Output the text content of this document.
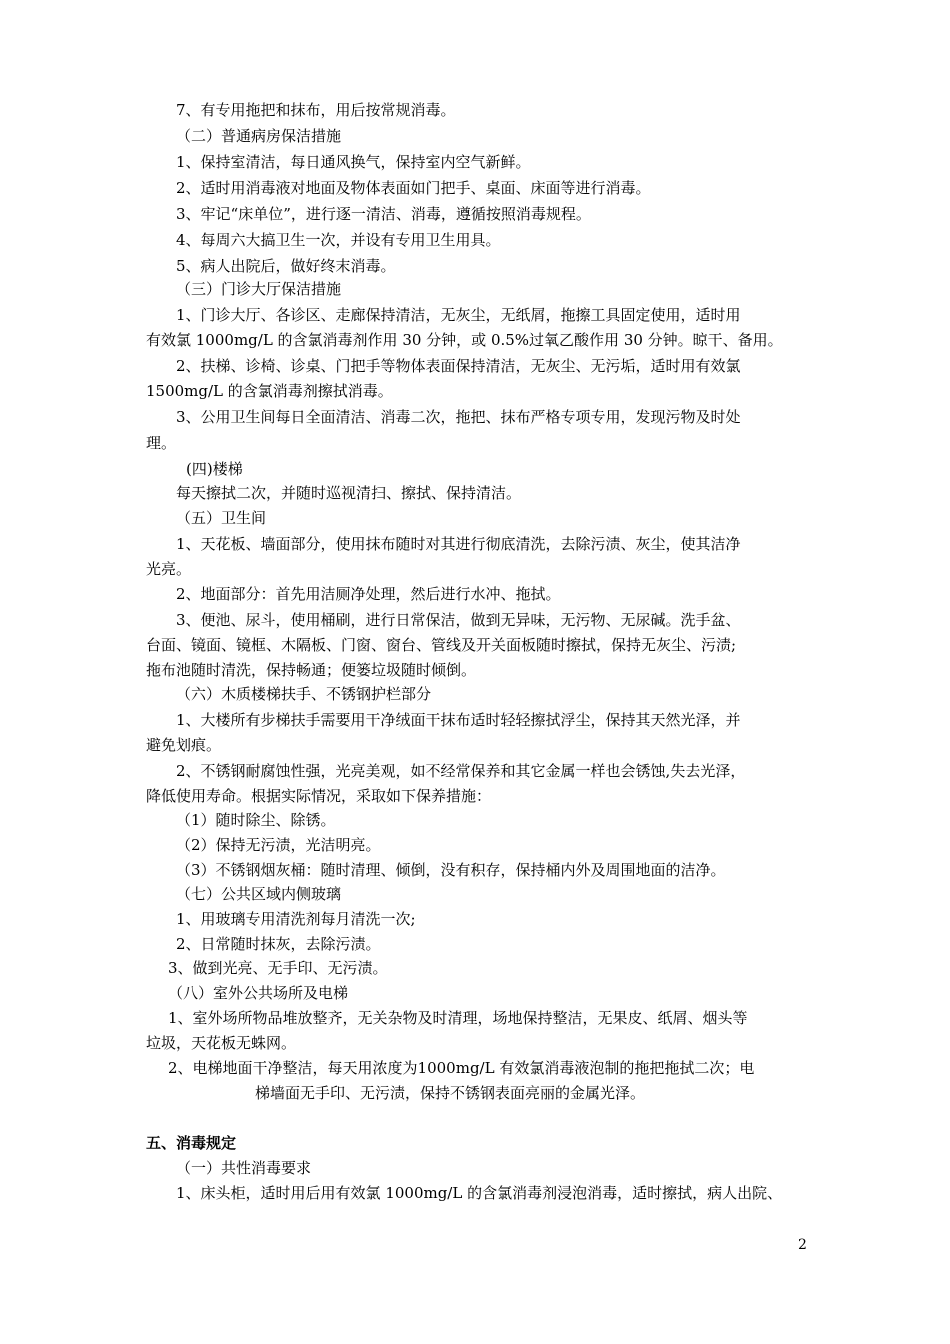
7、有专用拖把和抹布，用后按常规消毒。
（二）普通病房保洁措施
1、保持室清洁，每日通风换气，保持室内空气新鲜。
2、适时用消毒液对地面及物体表面如门把手、桌面、床面等进行消毒。
3、牢记“床单位”，进行逐一清洁、消毒，遵循按照消毒规程。
4、每周六大搞卫生一次，并设有专用卫生用具。
5、病人出院后，做好终末消毒。
（三）门诊大厅保洁措施
1、门诊大厅、各诊区、走廊保持清洁，无灰尘，无纸屑，拖擦工具固定使用，适时用
有效氯 1000mg/L 的含氯消毒剂作用 30 分钟，或 0.5%过氧乙酸作用 30 分钟。晾干、备用。
2、扶梯、诊椅、诊桌、门把手等物体表面保持清洁，无灰尘、无污垢，适时用有效氯
1500mg/L 的含氯消毒剂擦拭消毒。
3、公用卫生间每日全面清洁、消毒二次，拖把、抹布严格专项专用，发现污物及时处
理。
(四)楼梯
每天擦拭二次，并随时巡视清扫、擦拭、保持清洁。
（五）卫生间
1、天花板、墙面部分，使用抹布随时对其进行彻底清洗，去除污渍、灰尘，使其洁净
光亮。
2、地面部分：首先用洁厕净处理，然后进行水冲、拖拭。
3、便池、尿斗，使用桶刷，进行日常保洁，做到无异味，无污物、无尿碱。洗手盆、
台面、镜面、镜框、木隔板、门窗、窗台、管线及开关面板随时擦拭，保持无灰尘、污渍;
拖布池随时清洗，保持畅通；便篓垃圾随时倾倒。
（六）木质楼梯扶手、不锈钢护栏部分
1、大楼所有步梯扶手需要用干净绒面干抹布适时轻轻擦拭浮尘，保持其天然光泽，并
避免划痕。
2、不锈钢耐腐蚀性强，光亮美观，如不经常保养和其它金属一样也会锈蚀,失去光泽，
降低使用寿命。根据实际情况，采取如下保养措施：
（1）随时除尘、除锈。
（2）保持无污渍，光洁明亮。
（3）不锈钢烟灰桶：随时清理、倾倒，没有积存，保持桶内外及周围地面的洁净。
（七）公共区域内侧玻璃
1、用玻璃专用清洗剂每月清洗一次;
2、日常随时抹灰，去除污渍。
3、做到光亮、无手印、无污渍。
（八）室外公共场所及电梯
1、室外场所物品堆放整齐，无关杂物及时清理，场地保持整洁，无果皮、纸屑、烟头等
垃圾，天花板无蛛网。
2、电梯地面干净整洁，每天用浓度为1000mg/L 有效氯消毒液泡制的拖把拖拭二次；电
梯墙面无手印、无污渍，保持不锈钢表面亮丽的金属光泽。
五、消毒规定
（一）共性消毒要求
1、床头柜，适时用后用有效氯 1000mg/L 的含氯消毒剂浸泡消毒，适时擦拭，病人出院、
2
